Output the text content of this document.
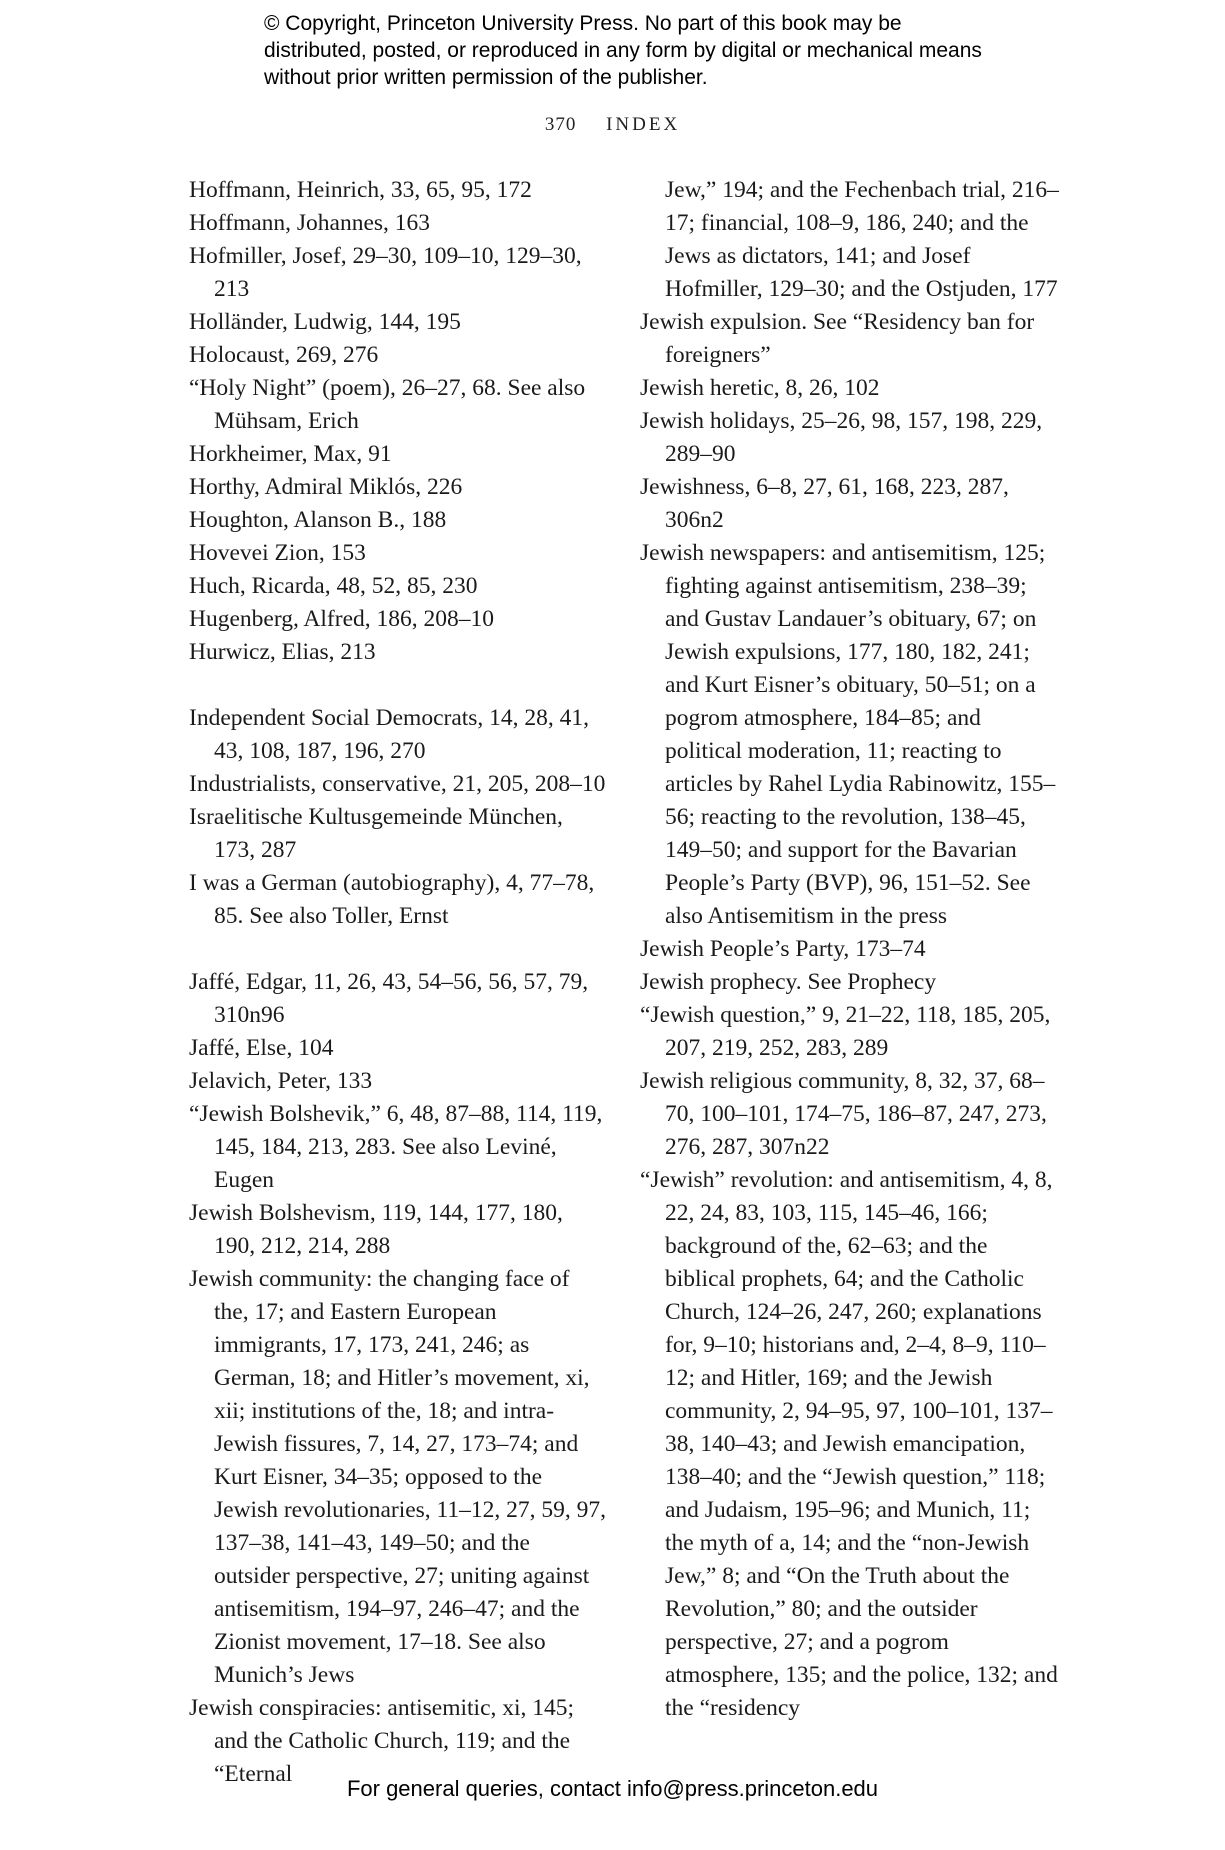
© Copyright, Princeton University Press. No part of this book may be distributed, posted, or reproduced in any form by digital or mechanical means without prior written permission of the publisher.
370 INDEX

Hoffmann, Heinrich, 33, 65, 95, 172

Hoffmann, Johannes, 163

Hofmiller, Josef, 29–30, 109–10, 129–30, 213

Holländer, Ludwig, 144, 195

Holocaust, 269, 276

“Holy Night” (poem), 26–27, 68. See also Mühsam, Erich

Horkheimer, Max, 91

Horthy, Admiral Miklós, 226

Houghton, Alanson B., 188

Hovevei Zion, 153

Huch, Ricarda, 48, 52, 85, 230

Hugenberg, Alfred, 186, 208–10

Hurwicz, Elias, 213

Independent Social Democrats, 14, 28, 41, 43, 108, 187, 196, 270

Industrialists, conservative, 21, 205, 208–10

Israelitische Kultusgemeinde München, 173, 287

I was a German (autobiography), 4, 77–78, 85. See also Toller, Ernst

Jaffé, Edgar, 11, 26, 43, 54–56, 56, 57, 79, 310n96

Jaffé, Else, 104

Jelavich, Peter, 133

“Jewish Bolshevik,” 6, 48, 87–88, 114, 119, 145, 184, 213, 283. See also Leviné, Eugen

Jewish Bolshevism, 119, 144, 177, 180, 190, 212, 214, 288

Jewish community: the changing face of the, 17; and Eastern European immigrants, 17, 173, 241, 246; as German, 18; and Hitler’s movement, xi, xii; institutions of the, 18; and intra-Jewish fissures, 7, 14, 27, 173–74; and Kurt Eisner, 34–35; opposed to the Jewish revolutionaries, 11–12, 27, 59, 97, 137–38, 141–43, 149–50; and the outsider perspective, 27; uniting against antisemitism, 194–97, 246–47; and the Zionist movement, 17–18. See also Munich’s Jews

Jewish conspiracies: antisemitic, xi, 145; and the Catholic Church, 119; and the “Eternal

Jew,” 194; and the Fechenbach trial, 216–17; financial, 108–9, 186, 240; and the Jews as dictators, 141; and Josef Hofmiller, 129–30; and the Ostjuden, 177

Jewish expulsion. See “Residency ban for foreigners”

Jewish heretic, 8, 26, 102

Jewish holidays, 25–26, 98, 157, 198, 229, 289–90

Jewishness, 6–8, 27, 61, 168, 223, 287, 306n2

Jewish newspapers: and antisemitism, 125; fighting against antisemitism, 238–39; and Gustav Landauer’s obituary, 67; on Jewish expulsions, 177, 180, 182, 241; and Kurt Eisner’s obituary, 50–51; on a pogrom atmosphere, 184–85; and political moderation, 11; reacting to articles by Rahel Lydia Rabinowitz, 155–56; reacting to the revolution, 138–45, 149–50; and support for the Bavarian People’s Party (BVP), 96, 151–52. See also Antisemitism in the press

Jewish People’s Party, 173–74

Jewish prophecy. See Prophecy

“Jewish question,” 9, 21–22, 118, 185, 205, 207, 219, 252, 283, 289

Jewish religious community, 8, 32, 37, 68–70, 100–101, 174–75, 186–87, 247, 273, 276, 287, 307n22

“Jewish” revolution: and antisemitism, 4, 8, 22, 24, 83, 103, 115, 145–46, 166; background of the, 62–63; and the biblical prophets, 64; and the Catholic Church, 124–26, 247, 260; explanations for, 9–10; historians and, 2–4, 8–9, 110–12; and Hitler, 169; and the Jewish community, 2, 94–95, 97, 100–101, 137–38, 140–43; and Jewish emancipation, 138–40; and the “Jewish question,” 118; and Judaism, 195–96; and Munich, 11; the myth of a, 14; and the “non-Jewish Jew,” 8; and “On the Truth about the Revolution,” 80; and the outsider perspective, 27; and a pogrom atmosphere, 135; and the police, 132; and the “residency

For general queries, contact info@press.princeton.edu
